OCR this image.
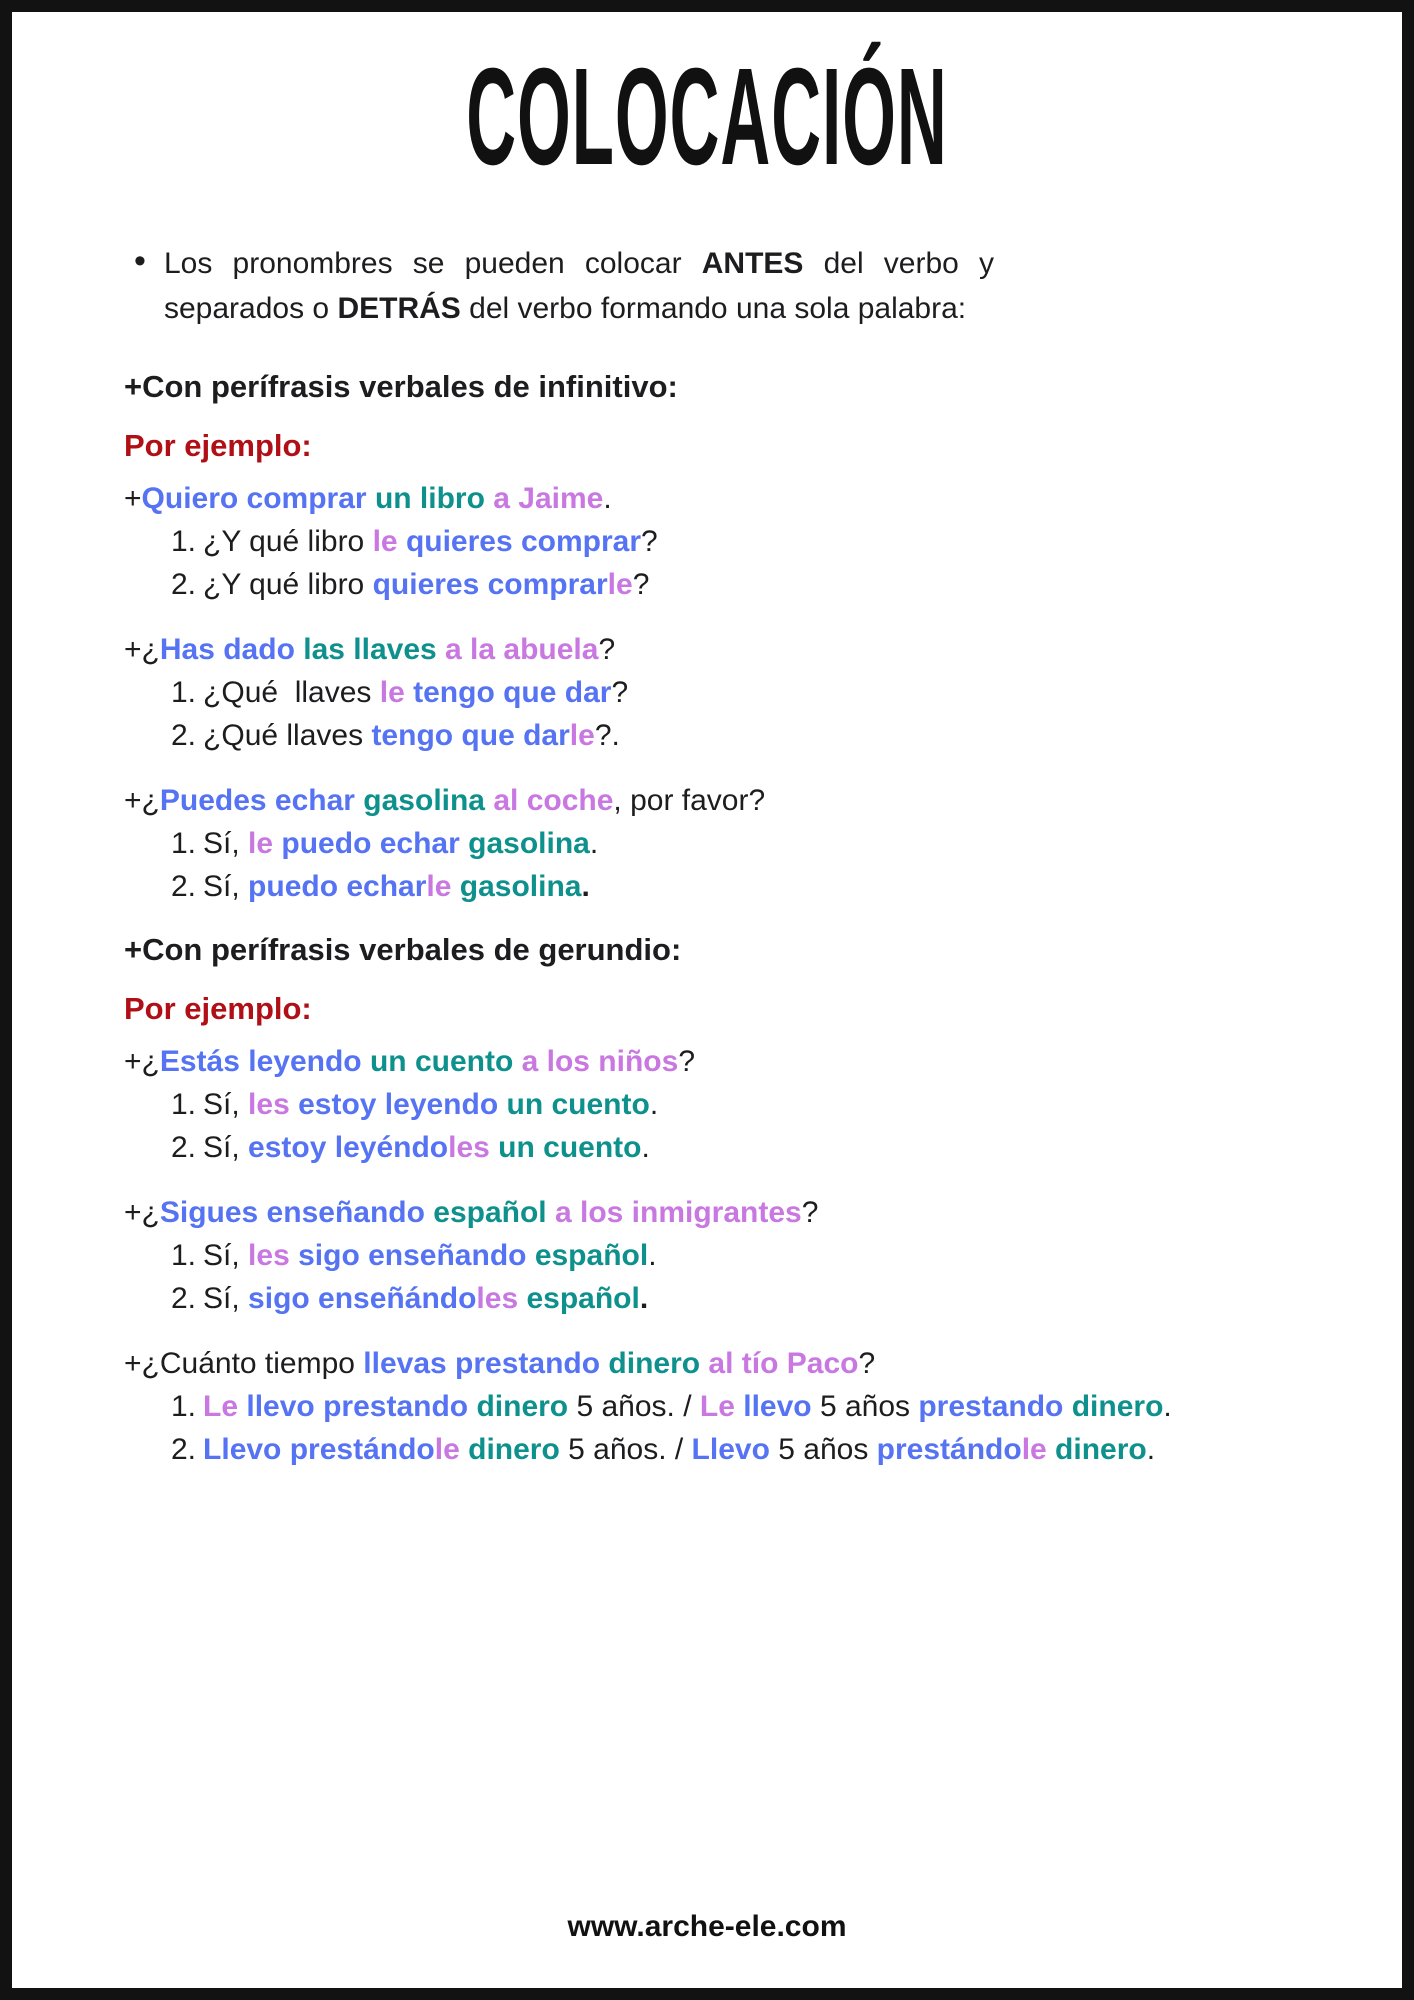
COLOCACIÓN
• Los pronombres se pueden colocar ANTES del verbo y
separados o DETRÁS del verbo formando una sola palabra:
+Con perífrasis verbales de infinitivo:
Por ejemplo:
+Quiero comprar un libro a Jaime.
1. ¿Y qué libro le quieres comprar?
2. ¿Y qué libro quieres comprarle?
+¿Has dado las llaves a la abuela?
1. ¿Qué  llaves le tengo que dar?
2. ¿Qué llaves tengo que darle?.
+¿Puedes echar gasolina al coche, por favor?
1. Sí, le puedo echar gasolina.
2. Sí, puedo echarle gasolina.
+Con perífrasis verbales de gerundio:
Por ejemplo:
+¿Estás leyendo un cuento a los niños?
1. Sí, les estoy leyendo un cuento.
2. Sí, estoy leyéndoles un cuento.
+¿Sigues enseñando español a los inmigrantes?
1. Sí, les sigo enseñando español.
2. Sí, sigo enseñándoles español.
+¿Cuánto tiempo llevas prestando dinero al tío Paco?
1. Le llevo prestando dinero 5 años. / Le llevo 5 años prestando dinero.
2. Llevo prestándole dinero 5 años. / Llevo 5 años prestándole dinero.
www.arche-ele.com
